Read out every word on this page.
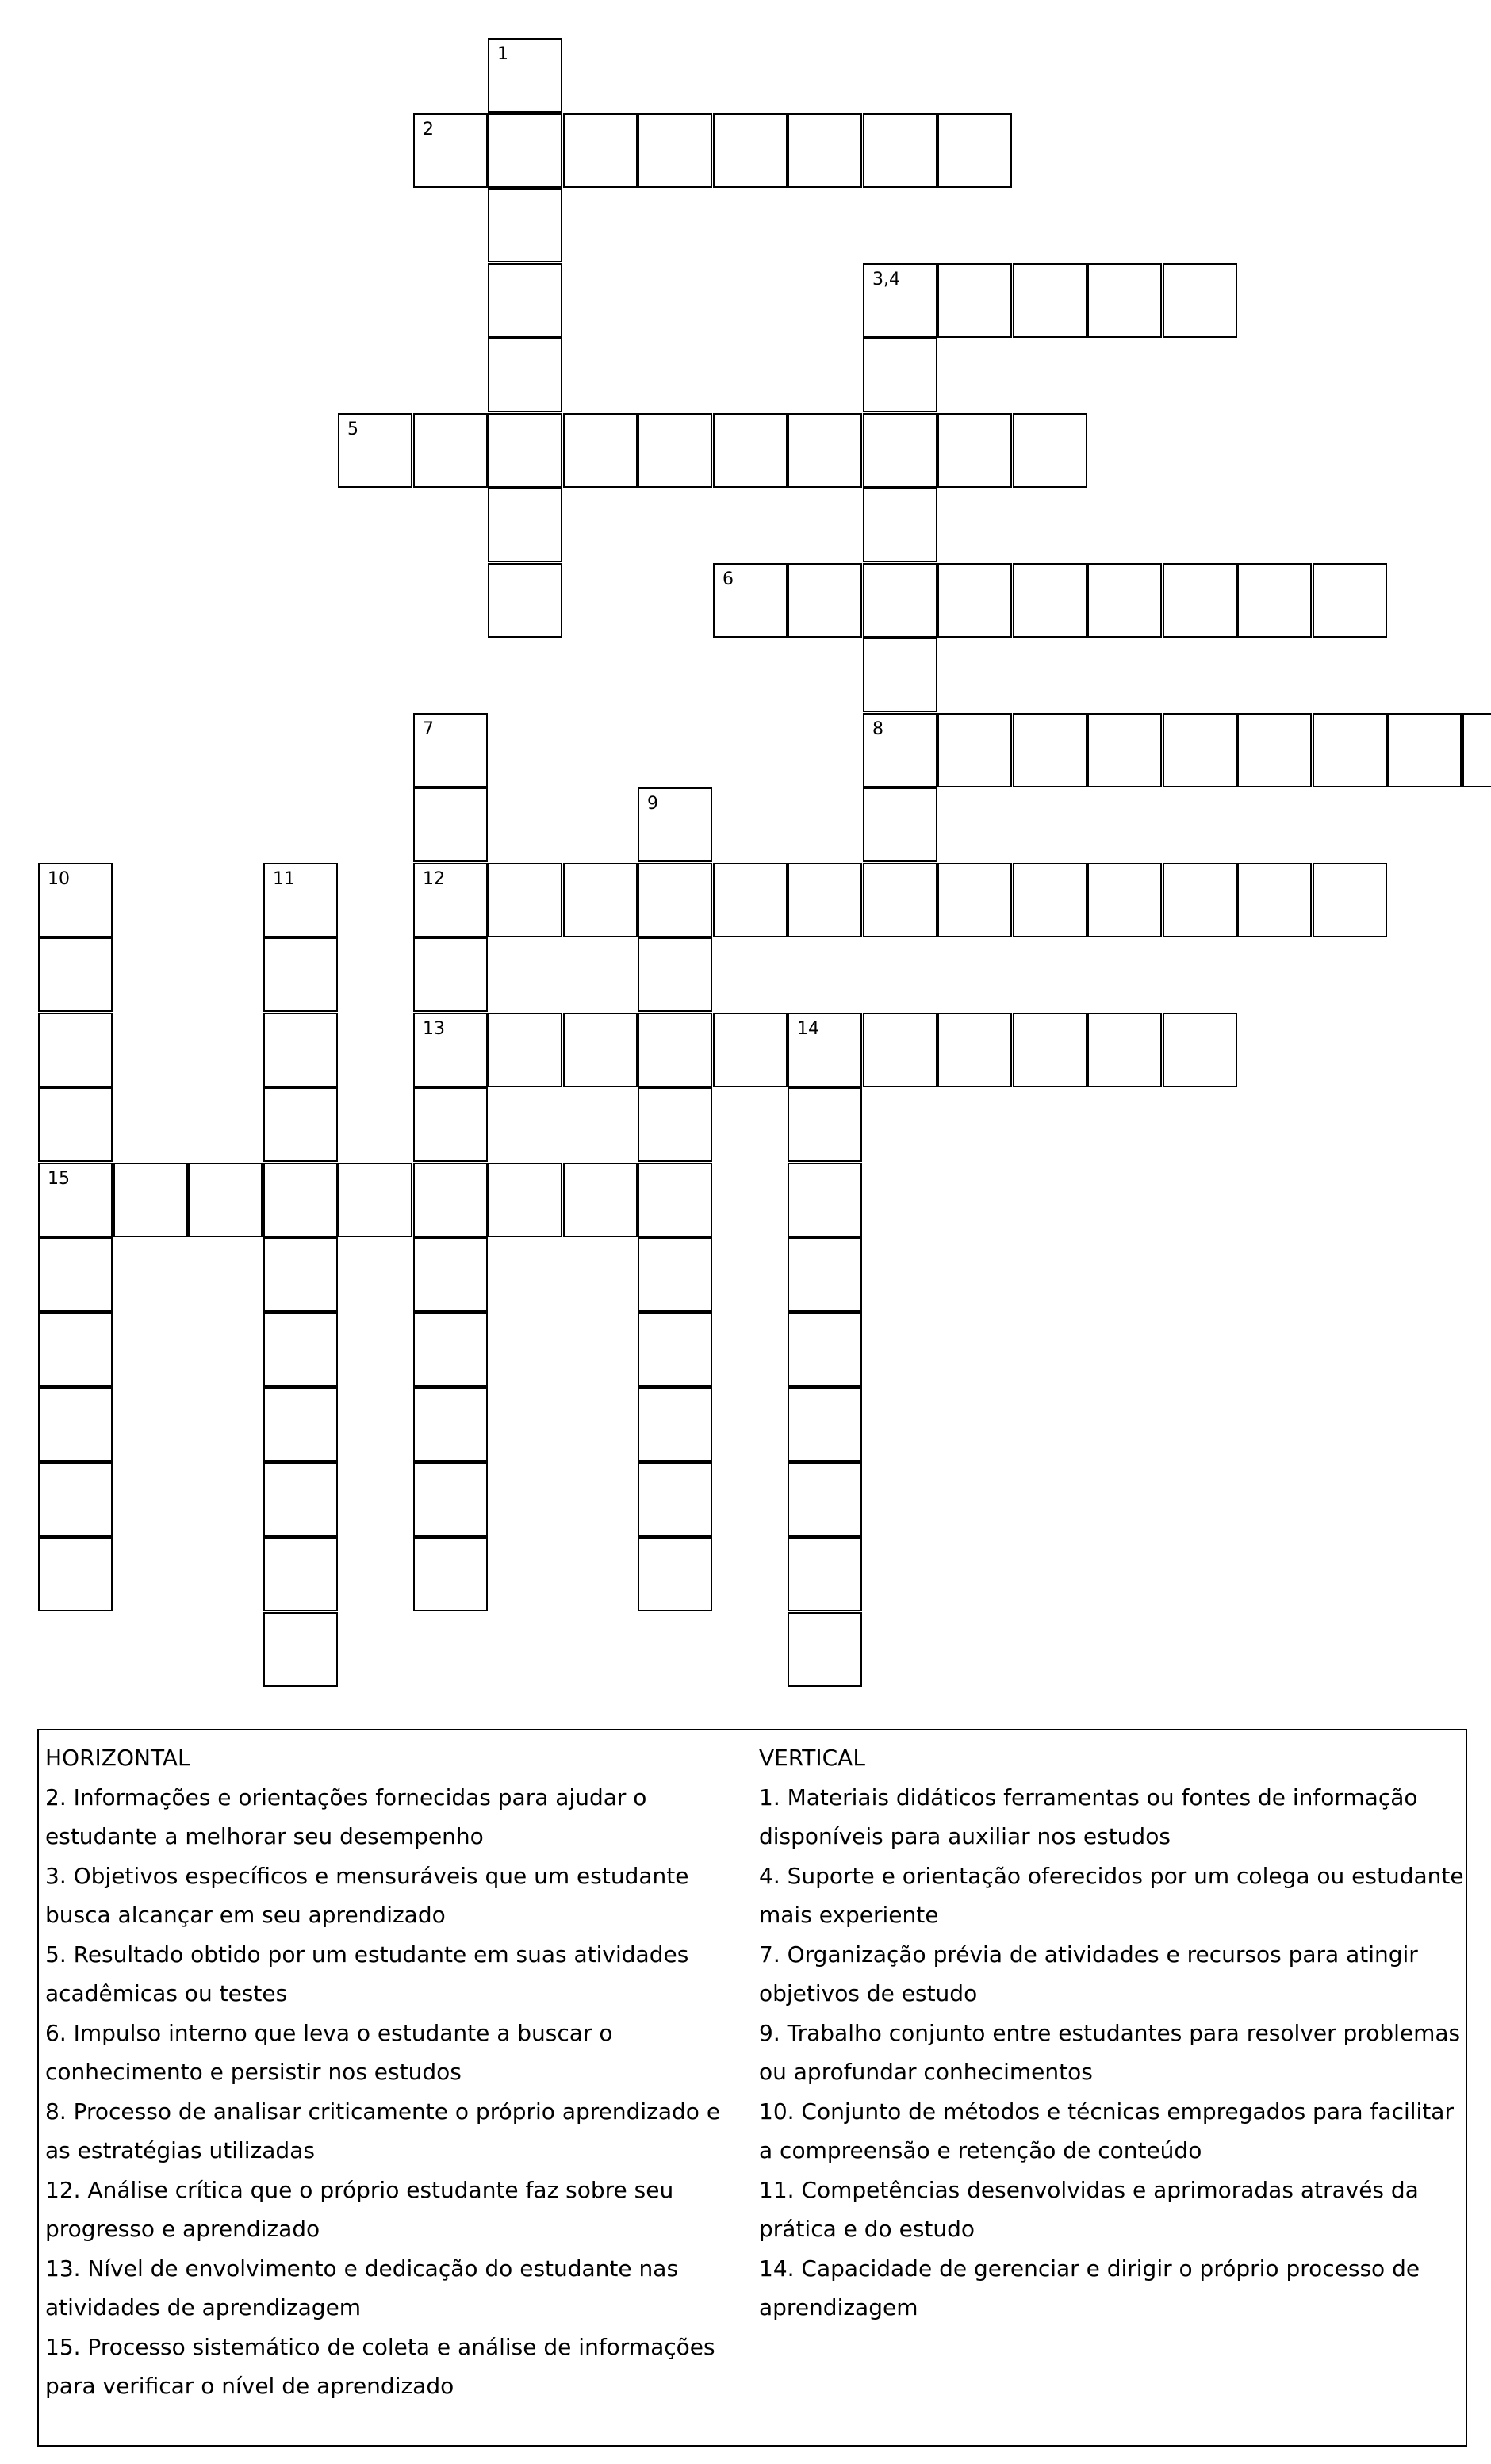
1
2
3,4
8
5
6
7
12
13
9
10
15
11
14
HORIZONTAL
2. Informações e orientações fornecidas para ajudar o estudante a melhorar seu desempenho
3. Objetivos específicos e mensuráveis que um estudante busca alcançar em seu aprendizado
5. Resultado obtido por um estudante em suas atividades acadêmicas ou testes
6. Impulso interno que leva o estudante a buscar o conhecimento e persistir nos estudos
8. Processo de analisar criticamente o próprio aprendizado e as estratégias utilizadas
12. Análise crítica que o próprio estudante faz sobre seu progresso e aprendizado
13. Nível de envolvimento e dedicação do estudante nas atividades de aprendizagem
15. Processo sistemático de coleta e análise de informações para verificar o nível de aprendizado
VERTICAL
1. Materiais didáticos ferramentas ou fontes de informação disponíveis para auxiliar nos estudos
4. Suporte e orientação oferecidos por um colega ou estudante mais experiente
7. Organização prévia de atividades e recursos para atingir objetivos de estudo
9. Trabalho conjunto entre estudantes para resolver problemas ou aprofundar conhecimentos
10. Conjunto de métodos e técnicas empregados para facilitar a compreensão e retenção de conteúdo
11. Competências desenvolvidas e aprimoradas através da prática e do estudo
14. Capacidade de gerenciar e dirigir o próprio processo de aprendizagem
